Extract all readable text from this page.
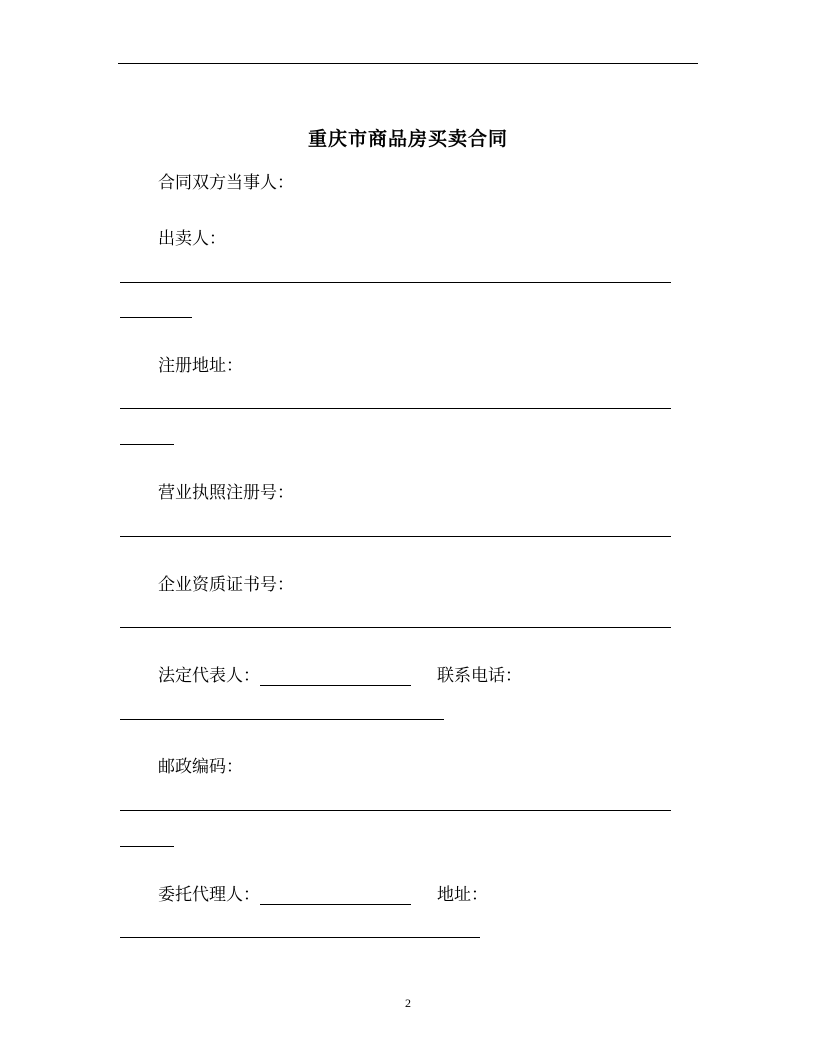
重庆市商品房买卖合同
合同双方当事人：
出卖人：
注册地址：
营业执照注册号：
企业资质证书号：
法定代表人：	联系电话：
邮政编码：
委托代理人：	地址：
2
